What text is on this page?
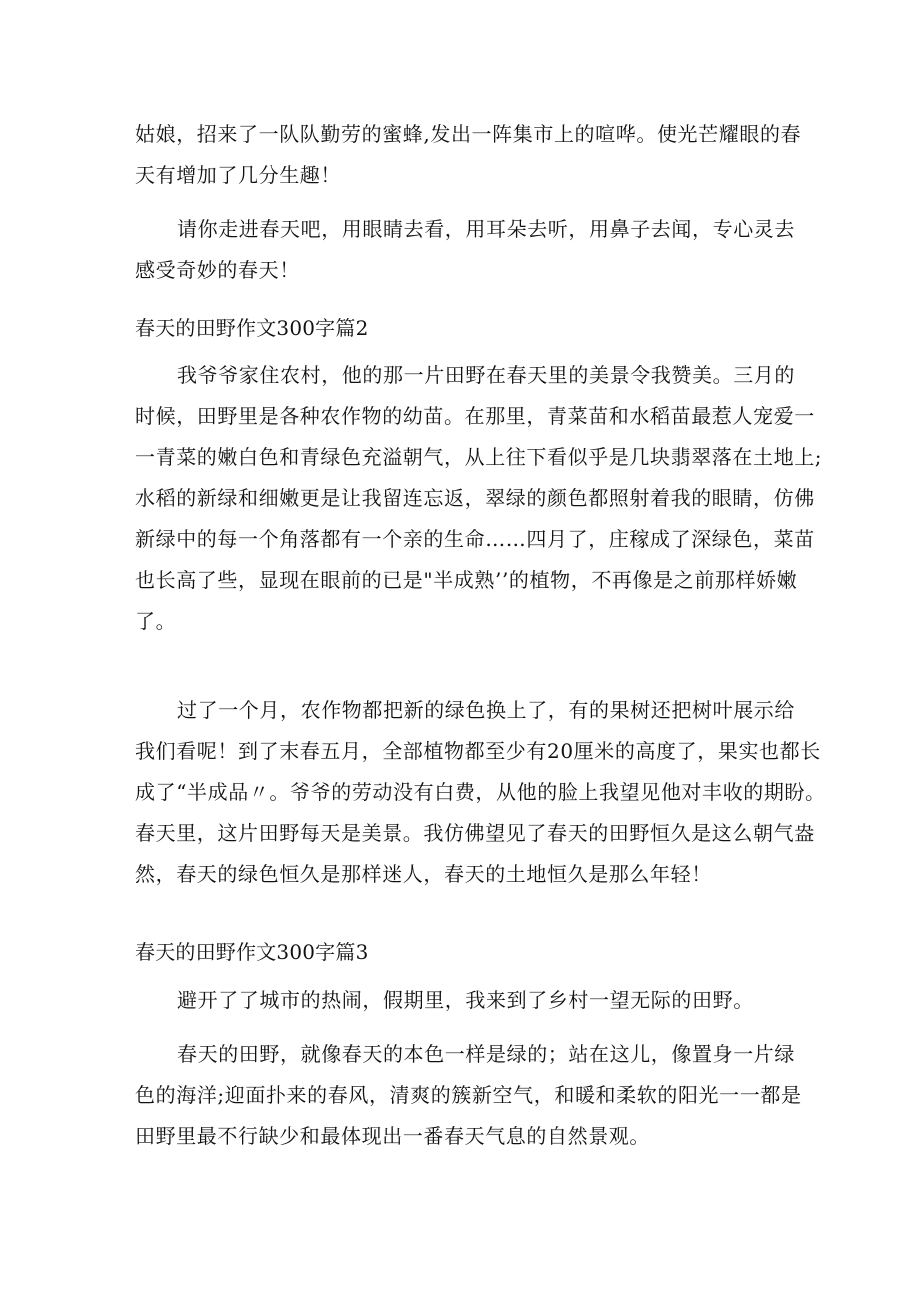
姑娘，招来了一队队勤劳的蜜蜂,发出一阵集市上的喧哗。使光芒耀眼的春
天有增加了几分生趣！
请你走进春天吧，用眼睛去看，用耳朵去听，用鼻子去闻，专心灵去
感受奇妙的春天！
春天的田野作文300字篇2
我爷爷家住农村，他的那一片田野在春天里的美景令我赞美。三月的
时候，田野里是各种农作物的幼苗。在那里，青菜苗和水稻苗最惹人宠爱一
一青菜的嫩白色和青绿色充溢朝气，从上往下看似乎是几块翡翠落在土地上;
水稻的新绿和细嫩更是让我留连忘返，翠绿的颜色都照射着我的眼睛，仿佛
新绿中的每一个角落都有一个亲的生命……四月了，庄稼成了深绿色，菜苗
也长高了些，显现在眼前的已是"半成熟’’的植物，不再像是之前那样娇嫩
了。
过了一个月，农作物都把新的绿色换上了，有的果树还把树叶展示给
我们看呢！到了末春五月，全部植物都至少有20厘米的高度了，果实也都长
成了“半成品〃。爷爷的劳动没有白费，从他的脸上我望见他对丰收的期盼。
春天里，这片田野每天是美景。我仿佛望见了春天的田野恒久是这么朝气盎
然，春天的绿色恒久是那样迷人，春天的土地恒久是那么年轻！
春天的田野作文300字篇3
避开了了城市的热闹，假期里，我来到了乡村一望无际的田野。
春天的田野，就像春天的本色一样是绿的；站在这儿，像置身一片绿
色的海洋;迎面扑来的春风，清爽的簇新空气，和暖和柔软的阳光一一都是
田野里最不行缺少和最体现出一番春天气息的自然景观。
